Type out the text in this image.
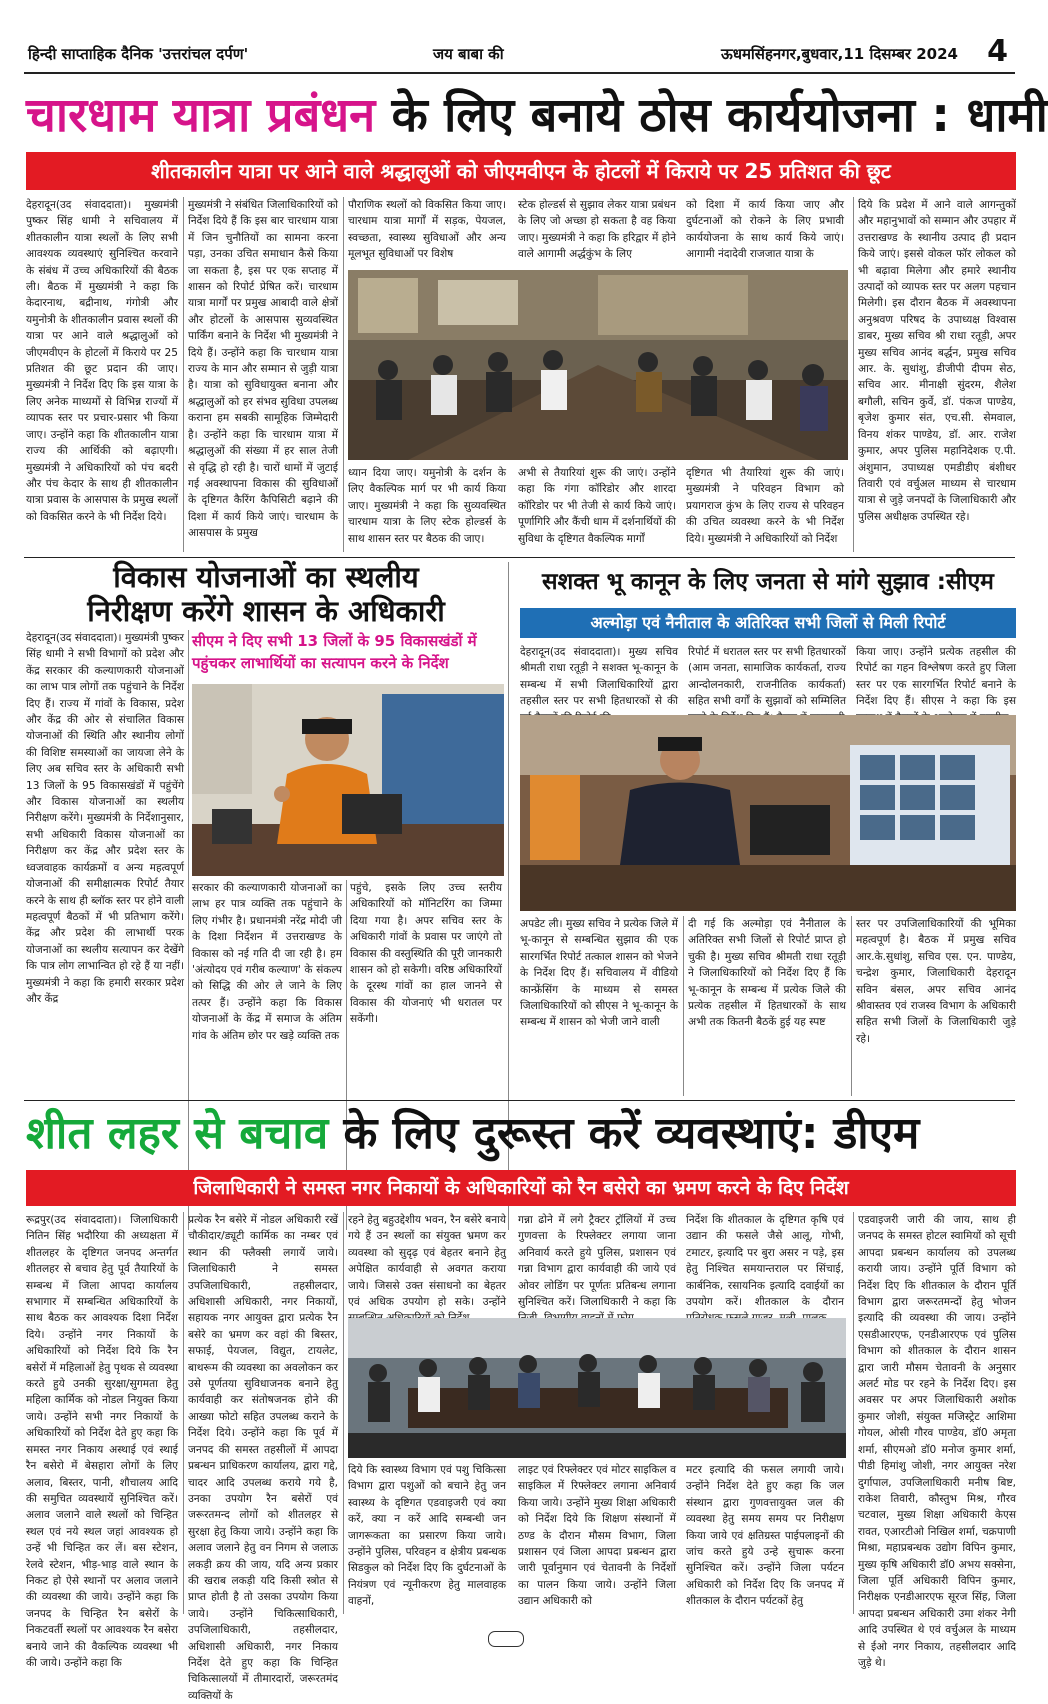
हिन्दी साप्ताहिक दैनिक 'उत्तरांचल दर्पण'	जय बाबा की	ऊधमसिंहनगर,बुधवार,11 दिसम्बर 2024 4
चारधाम यात्रा प्रबंधन के लिए बनाये ठोस कार्ययोजना : धामी
शीतकालीन यात्रा पर आने वाले श्रद्धालुओं को जीएमवीएन के होटलों में किराये पर 25 प्रतिशत की छूट
देहरादून(उद संवाददाता)। मुख्यमंत्री पुष्कर सिंह धामी ने सचिवालय में शीतकालीन यात्रा स्थलों के लिए सभी आवश्यक व्यवस्थाएं सुनिश्चित करवाने के संबंध में उच्च अधिकारियों की बैठक ली। बैठक में मुख्यमंत्री ने कहा कि केदारनाथ, बद्रीनाथ, गंगोत्री और यमुनोत्री के शीतकालीन प्रवास स्थलों की यात्रा पर आने वाले श्रद्धालुओं को जीएमवीएन के होटलों में किराये पर 25 प्रतिशत की छूट प्रदान की जाए। मुख्यमंत्री ने निर्देश दिए कि इस यात्रा के लिए अनेक माध्यमों से विभिन्न राज्यों में व्यापक स्तर पर प्रचार-प्रसार भी किया जाए। उन्होंने कहा कि शीतकालीन यात्रा राज्य की आर्थिकी को बढ़ाएगी। मुख्यमंत्री ने अधिकारियों को पंच बदरी और पंच केदार के साथ ही शीतकालीन यात्रा प्रवास के आसपास के प्रमुख स्थलों को विकसित करने के भी निर्देश दिये।
मुख्यमंत्री ने संबंधित जिलाधिकारियों को निर्देश दिये हैं कि इस बार चारधाम यात्रा में जिन चुनौतियों का सामना करना पड़ा, उनका उचित समाधान कैसे किया जा सकता है, इस पर एक सप्ताह में शासन को रिपोर्ट प्रेषित करें। चारधाम यात्रा मार्गों पर प्रमुख आबादी वाले क्षेत्रों और होटलों के आसपास सुव्यवस्थित पार्किंग बनाने के निर्देश भी मुख्यमंत्री ने दिये हैं। उन्होंने कहा कि चारधाम यात्रा राज्य के मान और सम्मान से जुड़ी यात्रा है। यात्रा को सुविधायुक्त बनाना और श्रद्धालुओं को हर संभव सुविधा उपलब्ध कराना हम सबकी सामूहिक जिम्मेदारी है। उन्होंने कहा कि चारधाम यात्रा में श्रद्धालुओं की संख्या में हर साल तेजी से वृद्धि हो रही है। चारों धामों में जुटाई गई अवस्थापना विकास की सुविधाओं के दृष्टिगत कैरिंग कैपिसिटी बढ़ाने की दिशा में कार्य किये जाएं। चारधाम के आसपास के प्रमुख
पौराणिक स्थलों को विकसित किया जाए। चारधाम यात्रा मार्गों में सड़क, पेयजल, स्वच्छता, स्वास्थ्य सुविधाओं और अन्य मूलभूत सुविधाओं पर विशेष
स्टेक होल्डर्स से सुझाव लेकर यात्रा प्रबंधन के लिए जो अच्छा हो सकता है वह किया जाए। मुख्यमंत्री ने कहा कि हरिद्वार में होने वाले आगामी अर्द्धकुंभ के लिए
को दिशा में कार्य किया जाए और दुर्घटनाओं को रोकने के लिए प्रभावी कार्ययोजना के साथ कार्य किये जाएं। आगामी नंदादेवी राजजात यात्रा के
ध्यान दिया जाए। यमुनोत्री के दर्शन के लिए वैकल्पिक मार्ग पर भी कार्य किया जाए। मुख्यमंत्री ने कहा कि सुव्यवस्थित चारधाम यात्रा के लिए स्टेक होल्डर्स के साथ शासन स्तर पर बैठक की जाए।
अभी से तैयारियां शुरू की जाएं। उन्होंने कहा कि गंगा कॉरिडोर और शारदा कॉरिडोर पर भी तेजी से कार्य किये जाएं। पूर्णागिरि और कैंची धाम में दर्शनार्थियों की सुविधा के दृष्टिगत वैकल्पिक मार्गों
दृष्टिगत भी तैयारियां शुरू की जाएं। मुख्यमंत्री ने परिवहन विभाग को प्रयागराज कुंभ के लिए राज्य से परिवहन की उचित व्यवस्था करने के भी निर्देश दिये। मुख्यमंत्री ने अधिकारियों को निर्देश
दिये कि प्रदेश में आने वाले आगन्तुकों और महानुभावों को सम्मान और उपहार में उत्तराखण्ड के स्थानीय उत्पाद ही प्रदान किये जाएं। इससे वोकल फॉर लोकल को भी बढ़ावा मिलेगा और हमारे स्थानीय उत्पादों को व्यापक स्तर पर अलग पहचान मिलेगी। इस दौरान बैठक में अवस्थापना अनुश्रवण परिषद के उपाध्यक्ष विश्वास डाबर, मुख्य सचिव श्री राधा रतूड़ी, अपर मुख्य सचिव आनंद बर्द्धन, प्रमुख सचिव आर. के. सुधांशु, डीजीपी दीपम सेठ, सचिव आर. मीनाक्षी सुंदरम, शैलेश बगौली, सचिन कुर्वे, डॉ. पंकज पाण्डेय, बृजेश कुमार संत, एच.सी. सेमवाल, विनय शंकर पाण्डेय, डॉ. आर. राजेश कुमार, अपर पुलिस महानिदेशक ए.पी. अंशुमान, उपाध्यक्ष एमडीडीए बंशीधर तिवारी एवं वर्चुअल माध्यम से चारधाम यात्रा से जुड़े जनपदों के जिलाधिकारी और पुलिस अधीक्षक उपस्थित रहे।
विकास योजनाओं का स्थलीय
निरीक्षण करेंगे शासन के अधिकारी
देहरादून(उद संवाददाता)। मुख्यमंत्री पुष्कर सिंह धामी ने सभी विभागों को प्रदेश और केंद्र सरकार की कल्याणकारी योजनाओं का लाभ पात्र लोगों तक पहुंचाने के निर्देश दिए हैं। राज्य में गांवों के विकास, प्रदेश और केंद्र की ओर से संचालित विकास योजनाओं की स्थिति और स्थानीय लोगों की विशिष्ट समस्याओं का जायजा लेने के लिए अब सचिव स्तर के अधिकारी सभी 13 जिलों के 95 विकासखंडों में पहुंचेंगे और विकास योजनाओं का स्थलीय निरीक्षण करेंगे। मुख्यमंत्री के निर्देशानुसार, सभी अधिकारी विकास योजनाओं का निरीक्षण कर केंद्र और प्रदेश स्तर के ध्वजवाहक कार्यक्रमों व अन्य महत्वपूर्ण योजनाओं की समीक्षात्मक रिपोर्ट तैयार करने के साथ ही ब्लॉक स्तर पर होने वाली महत्वपूर्ण बैठकों में भी प्रतिभाग करेंगे। केंद्र और प्रदेश की लाभार्थी परक योजनाओं का स्थलीय सत्यापन कर देखेंगे कि पात्र लोग लाभान्वित हो रहे हैं या नहीं। मुख्यमंत्री ने कहा कि हमारी सरकार प्रदेश और केंद्र
सीएम ने दिए सभी 13 जिलों के 95 विकासखंडों में पहुंचकर लाभार्थियों का सत्यापन करने के निर्देश
सरकार की कल्याणकारी योजनाओं का लाभ हर पात्र व्यक्ति तक पहुंचाने के लिए गंभीर है। प्रधानमंत्री नरेंद्र मोदी जी के दिशा निर्देशन में उत्तराखण्ड के विकास को नई गति दी जा रही है। हम 'अंत्योदय एवं गरीब कल्याण' के संकल्प को सिद्धि की ओर ले जाने के लिए तत्पर हैं। उन्होंने कहा कि विकास योजनाओं के केंद्र में समाज के अंतिम गांव के अंतिम छोर पर खड़े व्यक्ति तक
पहुंचे, इसके लिए उच्च स्तरीय अधिकारियों को मॉनिटरिंग का जिम्मा दिया गया है। अपर सचिव स्तर के अधिकारी गांवों के प्रवास पर जाएंगे तो विकास की वस्तुस्थिति की पूरी जानकारी शासन को हो सकेगी। वरिष्ठ अधिकारियों के दूरस्थ गांवों का हाल जानने से विकास की योजनाएं भी धरातल पर सकेंगी।
सशक्त भू कानून के लिए जनता से मांगे सुझाव :सीएम
अल्मोड़ा एवं नैनीताल के अतिरिक्त सभी जिलों से मिली रिपोर्ट
देहरादून(उद संवाददाता)। मुख्य सचिव श्रीमती राधा रतूड़ी ने सशक्त भू-कानून के सम्बन्ध में सभी जिलाधिकारियों द्वारा तहसील स्तर पर सभी हितधारकों से की
रिपोर्ट में धरातल स्तर पर सभी हितधारकों (आम जनता, सामाजिक कार्यकर्ता, राज्य आन्दोलनकारी, राजनीतिक कार्यकर्ता) सहित सभी वर्गों के सुझावों को सम्मिलित
किया जाए। उन्होंने प्रत्येक तहसील की रिपोर्ट का गहन विश्लेषण करते हुए जिला स्तर पर एक सारगर्भित रिपोर्ट बनाने के निर्देश दिए हैं। सीएस ने कहा कि इस
अपडेट ली। मुख्य सचिव ने प्रत्येक जिले में भू-कानून से सम्बन्धित सुझाव की एक सारगर्भित रिपोर्ट तत्काल शासन को भेजने के निर्देश दिए हैं। सचिवालय में वीडियो कान्फ्रेंसिंग के माध्यम से समस्त जिलाधिकारियों को सीएस ने भू-कानून के सम्बन्ध में शासन को भेजी जाने वाली
दी गई कि अल्मोड़ा एवं नैनीताल के अतिरिक्त सभी जिलों से रिपोर्ट प्राप्त हो चुकी है। मुख्य सचिव श्रीमती राधा रतूड़ी ने जिलाधिकारियों को निर्देश दिए हैं कि भू-कानून के सम्बन्ध में प्रत्येक जिले की प्रत्येक तहसील में हितधारकों के साथ अभी तक कितनी बैठकें हुई यह स्पष्ट
स्तर पर उपजिलाधिकारियों की भूमिका महत्वपूर्ण है। बैठक में प्रमुख सचिव आर.के.सुधांशु, सचिव एस. एन. पाण्डेय, चन्द्रेश कुमार, जिलाधिकारी देहरादून सविन बंसल, अपर सचिव आनंद श्रीवास्तव एवं राजस्व विभाग के अधिकारी सहित सभी जिलों के जिलाधिकारी जुड़े रहे।
शीत लहर से बचाव के लिए दुरूस्त करें व्यवस्थाएं: डीएम
जिलाधिकारी ने समस्त नगर निकायों के अधिकारियों को रैन बसेरो का भ्रमण करने के दिए निर्देश
रूद्रपुर(उद संवाददाता)। जिलाधिकारी नितिन सिंह भदौरिया की अध्यक्षता में शीतलहर के दृष्टिगत जनपद अन्तर्गत शीतलहर से बचाव हेतु पूर्व तैयारियों के सम्बन्ध में जिला आपदा कार्यालय सभागार में सम्बन्धित अधिकारियों के साथ बैठक कर आवश्यक दिशा निर्देश दिये। उन्होंने नगर निकायों के अधिकारियों को निर्देश दिये कि रैन बसेरों में महिलाओं हेतु पृथक से व्यवस्था करते हुये उनकी सुरक्षा/सुगमता हेतु महिला कार्मिक को नोडल नियुक्त किया जाये। उन्होंने सभी नगर निकायों के अधिकारियों को निर्देश देते हुए कहा कि समस्त नगर निकाय अस्थाई एवं स्थाई रैन बसेरो में बेसहारा लोगों के लिए अलाव, बिस्तर, पानी, शौचालय आदि की समुचित व्यवस्थायें सुनिश्चित करें। अलाव जलाने वाले स्थलों को चिन्हित स्थल एवं नये स्थल जहां आवश्यक हो उन्हें भी चिन्हित कर लें। बस स्टेशन, रेलवे स्टेशन, भीड़-भाड़ वाले स्थान के निकट हो ऐसे स्थानों पर अलाव जलाने की व्यवस्था की जाये। उन्होंने कहा कि जनपद के चिन्हित रैन बसेरों के निकटवर्ती स्थलों पर आवश्यक रैन बसेरा बनाये जाने की वैकल्पिक व्यवस्था भी की जाये। उन्होंने कहा कि
प्रत्येक रैन बसेरे में नोडल अधिकारी रखें चौकीदार/ड्यूटी कार्मिक का नम्बर एवं स्थान की फ्लैक्सी लगायें जाये। जिलाधिकारी ने समस्त उपजिलाधिकारी, तहसीलदार, अधिशासी अधिकारी, नगर निकायों, सहायक नगर आयुक्त द्वारा प्रत्येक रैन बसेरे का भ्रमण कर वहां की बिस्तर, सफाई, पेयजल, विद्युत, टायलेट, बाथरूम की व्यवस्था का अवलोकन कर उसे पूर्णतया सुविधाजनक बनाने हेतु कार्यवाही कर संतोषजनक होने की आख्या फोटो सहित उपलब्ध कराने के निर्देश दिये। उन्होंने कहा कि पूर्व में जनपद की समस्त तहसीलों में आपदा प्रबन्धन प्राधिकरण कार्यालय, द्वारा गद्दे, चादर आदि उपलब्ध कराये गये है, उनका उपयोग रैन बसेरों एवं जरूरतमन्द लोगों को शीतलहर से सुरक्षा हेतु किया जाये। उन्होंने कहा कि अलाव जलाने हेतु वन निगम से जलाऊ लकड़ी क्रय की जाय, यदि अन्य प्रकार की खराब लकड़ी यदि किसी स्त्रोत से प्राप्त होती है तो उसका उपयोग किया जाये। उन्होंने चिकित्साधिकारी, उपजिलाधिकारी, तहसीलदार, अधिशासी अधिकारी, नगर निकाय निर्देश देते हुए कहा कि चिन्हित चिकित्सालयों में तीमारदारों, जरूरतमंद व्यक्तियों के
रहने हेतु बहुउद्देशीय भवन, रैन बसेरे बनाये गये हैं उन स्थलों का संयुक्त भ्रमण कर व्यवस्था को सुदृढ़ एवं बेहतर बनाने हेतु अपेक्षित कार्यवाही से अवगत कराया जाये। जिससे उक्त संसाधनो का बेहतर एवं अधिक उपयोग हो सके। उन्होंने
गन्ना ढोने में लगे ट्रैक्टर ट्रॉलियों में उच्च गुणवत्ता के रिफ्लेक्टर लगाया जाना अनिवार्य करते हुये पुलिस, प्रशासन एवं गन्ना विभाग द्वारा कार्यवाही की जाये एवं ओवर लोडिंग पर पूर्णतः प्रतिबन्ध लगाना सुनिश्चित करें। जिलाधिकारी ने कहा कि
निर्देश कि शीतकाल के दृष्टिगत कृषि एवं उद्यान की फसले जैसे आलू, गोभी, टमाटर, इत्यादि पर बुरा असर न पड़े, इस हेतु निश्चित समयान्तराल पर सिंचाई, कार्बनिक, रसायनिक इत्यादि दवाईयों का उपयोग करें। शीतकाल के दौरान
दिये कि स्वास्थ्य विभाग एवं पशु चिकित्सा विभाग द्वारा पशुओं को बचाने हेतु जन स्वास्थ्य के दृष्टिगत एडवाइजरी एवं क्या करें, क्या न करें आदि सम्बन्धी जन जागरूकता का प्रसारण किया जाये। उन्होंने पुलिस, परिवहन व क्षेत्रीय प्रबन्धक सिडकुल को निर्देश दिए कि दुर्घटनाओं के नियंत्रण एवं न्यूनीकरण हेतु मालवाहक वाहनों,
लाइट एवं रिफ्लेक्टर एवं मोटर साइकिल व साइकिल में रिफ्लेक्टर लगाना अनिवार्य किया जाये। उन्होंने मुख्य शिक्षा अधिकारी को निर्देश दिये कि शिक्षण संस्थानों में ठण्ड के दौरान मौसम विभाग, जिला प्रशासन एवं जिला आपदा प्रबन्धन द्वारा जारी पूर्वानुमान एवं चेतावनी के निर्देशों का पालन किया जाये। उन्होंने जिला उद्यान अधिकारी को
मटर इत्यादि की फसल लगायी जाये। उन्होंने निर्देश देते हुए कहा कि जल संस्थान द्वारा गुणवत्तायुक्त जल की व्यवस्था हेतु समय समय पर निरीक्षण किया जाये एवं क्षतिग्रस्त पाईपलाइनों की जांच करते हुये उन्हे सुचारू करना सुनिश्चित करें। उन्होंने जिला पर्यटन अधिकारी को निर्देश दिए कि जनपद में शीतकाल के दौरान पर्यटकों हेतु
एडवाइजरी जारी की जाय, साथ ही जनपद के समस्त होटल स्वामियों को सूची आपदा प्रबन्धन कार्यालय को उपलब्ध करायी जाय। उन्होंने पूर्ति विभाग को निर्देश दिए कि शीतकाल के दौरान पूर्ति विभाग द्वारा जरूरतमन्दों हेतु भोजन इत्यादि की व्यवस्था की जाय। उन्होंने एसडीआरएफ, एनडीआरएफ एवं पुलिस विभाग को शीतकाल के दौरान शासन द्वारा जारी मौसम चेतावनी के अनुसार अलर्ट मोड पर रहने के निर्देश दिए। इस अवसर पर अपर जिलाधिकारी अशोक कुमार जोशी, संयुक्त मजिस्ट्रेट आशिमा गोयल, ओसी गौरव पाण्डेय, डॉ0 अमृता शर्मा, सीएमओ डॉ0 मनोज कुमार शर्मा, पीडी हिमांशु जोशी, नगर आयुक्त नरेश दुर्गापाल, उपजिलाधिकारी मनीष बिष्ट, राकेश तिवारी, कौस्तुभ मिश्र, गौरव चटवाल, मुख्य शिक्षा अधिकारी केएस रावत, एआरटीओ निखिल शर्मा, चक्रपाणी मिश्रा, महाप्रबन्धक उद्योग विपिन कुमार, मुख्य कृषि अधिकारी डॉ0 अभय सक्सेना, जिला पूर्ति अधिकारी विपिन कुमार, निरीक्षक एनडीआरएफ सूरज सिंह, जिला आपदा प्रबन्धन अधिकारी उमा शंकर नेगी आदि उपस्थित थे एवं वर्चुअल के माध्यम से ईओ नगर निकाय, तहसीलदार आदि जुड़े थे।
